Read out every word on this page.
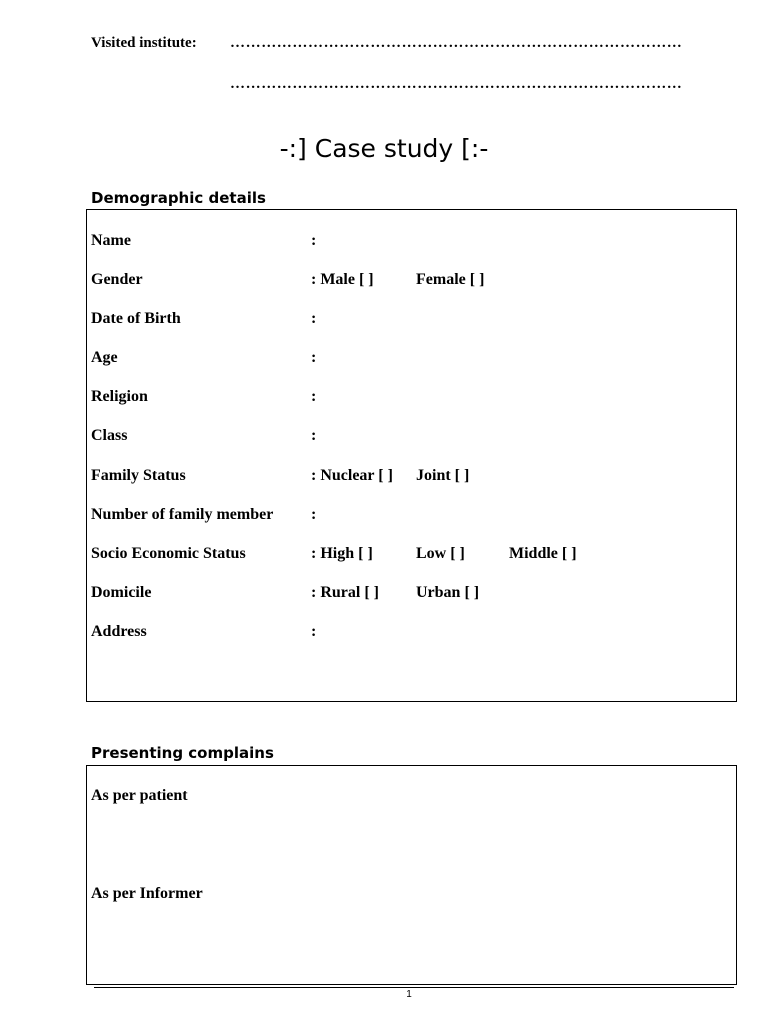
Visited institute: ……………………………………………………………………………
……………………………………………………………………………
-:] Case study [:-
Demographic details
Name	:
Gender	: Male [ ]	Female [ ]
Date of Birth	:
Age	:
Religion	:
Class	:
Family Status	: Nuclear [ ] Joint [ ]
Number of family member :
Socio Economic Status	: High [ ]	Low [ ]	Middle [ ]
Domicile	: Rural [ ] Urban [ ]
Address	:
Presenting complains
As per patient
As per Informer
1
